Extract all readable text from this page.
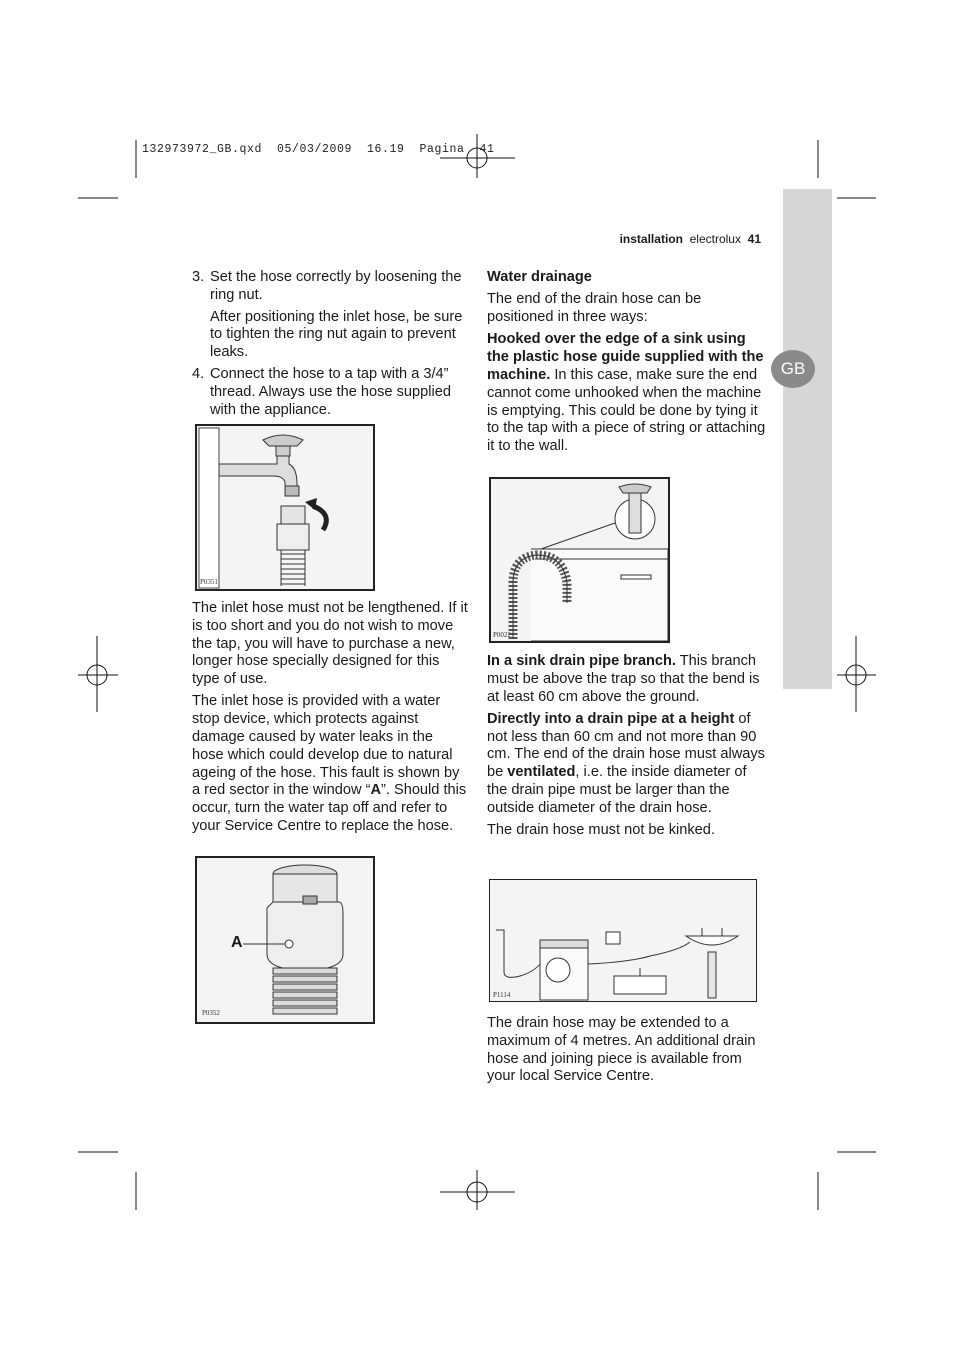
132973972_GB.qxd  05/03/2009  16.19  Pagina  41
GB
installation electrolux 41
3. Set the hose correctly by loosening the ring nut.

After positioning the inlet hose, be sure to tighten the ring nut again to prevent leaks.

4. Connect the hose to a tap with a 3/4” thread. Always use the hose supplied with the appliance.
P0351

The inlet hose must not be lengthened. If it is too short and you do not wish to move the tap, you will have to purchase a new, longer hose specially designed for this type of use.

The inlet hose is provided with a water stop device, which protects against damage caused by water leaks in the hose which could develop due to natural ageing of the hose. This fault is shown by a red sector in the window “A”. Should this occur, turn the water tap off and refer to your Service Centre to replace the hose.

A
P0352

Water drainage

The end of the drain hose can be positioned in three ways:

Hooked over the edge of a sink using the plastic hose guide supplied with the machine. In this case, make sure the end cannot come unhooked when the machine is emptying. This could be done by tying it to the tap with a piece of string or attaching it to the wall.

P0022

In a sink drain pipe branch. This branch must be above the trap so that the bend is at least 60 cm above the ground.

Directly into a drain pipe at a height of not less than 60 cm and not more than 90 cm. The end of the drain hose must always be ventilated, i.e. the inside diameter of the drain pipe must be larger than the outside diameter of the drain hose.

The drain hose must not be kinked.

P1114

The drain hose may be extended to a maximum of 4 metres. An additional drain hose and joining piece is available from your local Service Centre.
